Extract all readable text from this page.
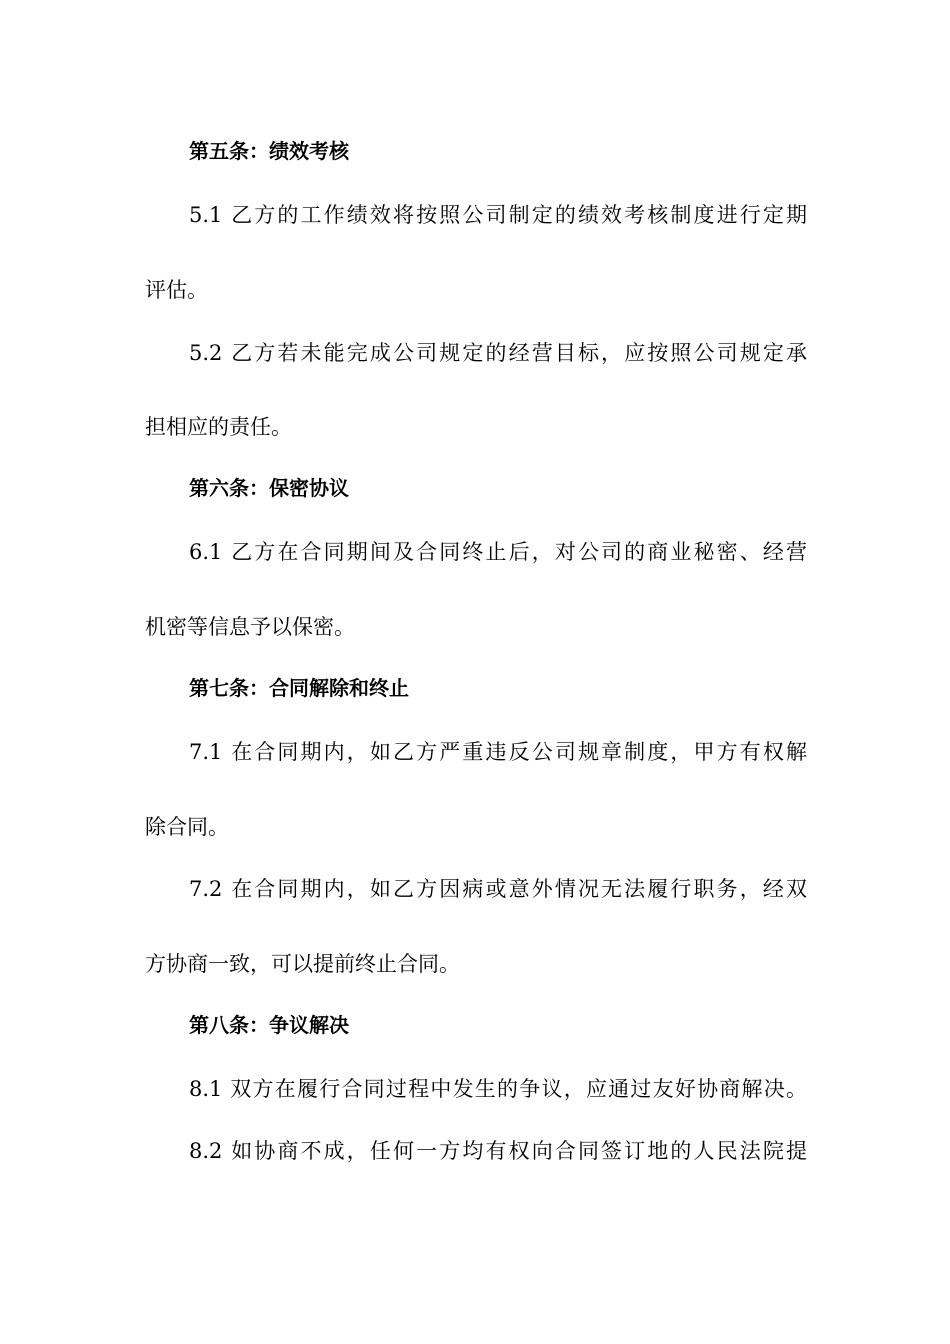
第五条：绩效考核
5.1 乙方的工作绩效将按照公司制定的绩效考核制度进行定期
评估。
5.2 乙方若未能完成公司规定的经营目标，应按照公司规定承
担相应的责任。
第六条：保密协议
6.1 乙方在合同期间及合同终止后，对公司的商业秘密、经营
机密等信息予以保密。
第七条：合同解除和终止
7.1 在合同期内，如乙方严重违反公司规章制度，甲方有权解
除合同。
7.2 在合同期内，如乙方因病或意外情况无法履行职务，经双
方协商一致，可以提前终止合同。
第八条：争议解决
8.1 双方在履行合同过程中发生的争议，应通过友好协商解决。
8.2 如协商不成，任何一方均有权向合同签订地的人民法院提
